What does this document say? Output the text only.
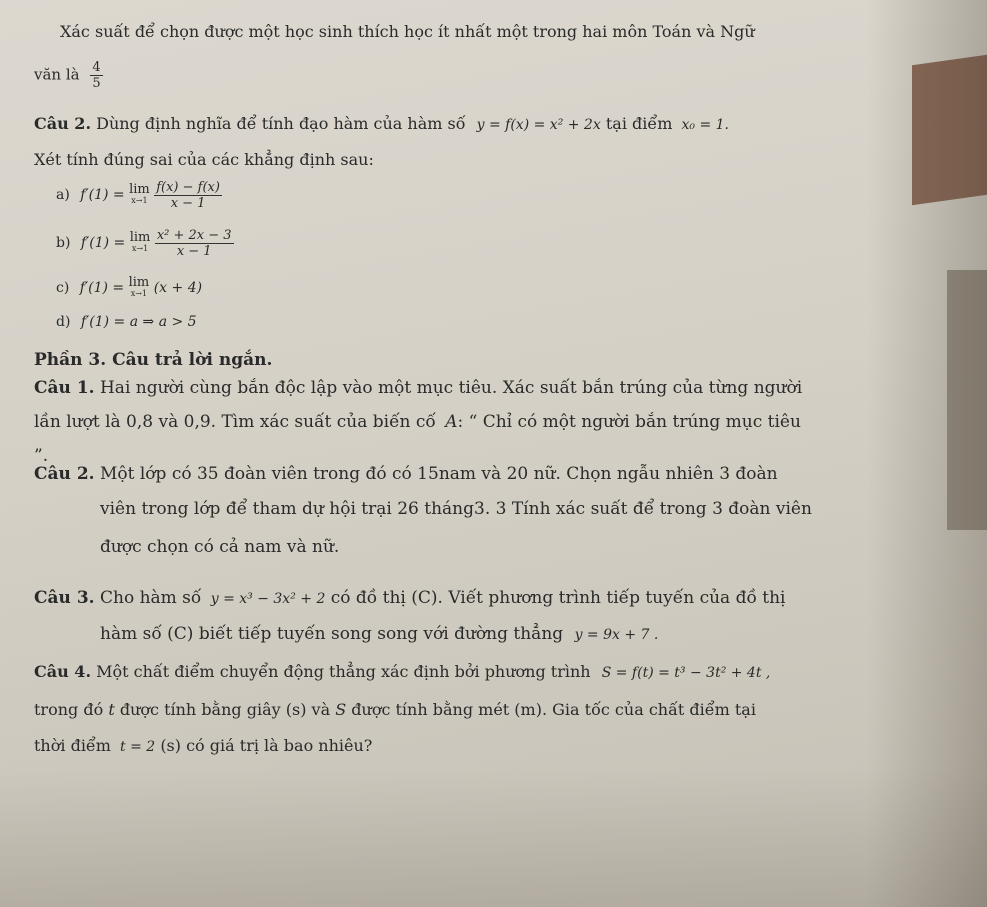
Xác suất để chọn được một học sinh thích học ít nhất một trong hai môn Toán và Ngữ
văn là $\frac{4}{5}$
Câu 2. Dùng định nghĩa để tính đạo hàm của hàm số y = f(x) = x² + 2x tại điểm x₀ = 1.
Xét tính đúng sai của các khẳng định sau:
a) f′(1) = lim
x→1
$\frac{f(x) - f(x)}{x - 1}$
b) f′(1) = lim
x→1
$\frac{\text{x² + 2x − 3}}{x - 1}$
c) f′(1) = lim
x→1 (x + 4)
d) f′(1) = a ⇒ a > 5
Phần 3. Câu trả lời ngắn.
Câu 1. Hai người cùng bắn độc lập vào một mục tiêu. Xác suất bắn trúng của từng người
lần lượt là 0,8 và 0,9. Tìm xác suất của biến cố A: “ Chỉ có một người bắn trúng mục tiêu
”.
Câu 2. Một lớp có 35 đoàn viên trong đó có 15nam và 20 nữ. Chọn ngẫu nhiên 3 đoàn
viên trong lớp để tham dự hội trại 26 tháng3. 3 Tính xác suất để trong 3 đoàn viên
được chọn có cả nam và nữ.
Câu 3. Cho hàm số y = x³ − 3x² + 2 có đồ thị (C). Viết phương trình tiếp tuyến của đồ thị
hàm số (C) biết tiếp tuyến song song với đường thẳng y = 9x + 7 .
Câu 4. Một chất điểm chuyển động thẳng xác định bởi phương trình S = f(t) = t³ − 3t² + 4t ,
trong đó t được tính bằng giây (s) và S được tính bằng mét (m). Gia tốc của chất điểm tại
thời điểm t = 2 (s) có giá trị là bao nhiêu?
